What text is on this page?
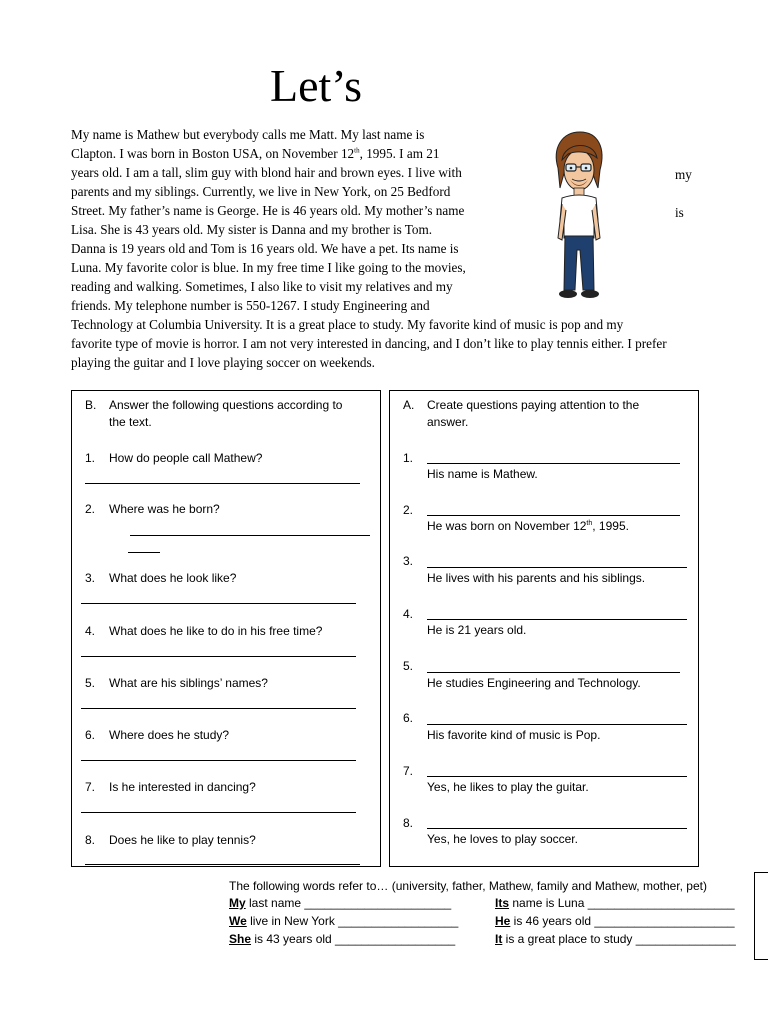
Let’s
My name is Mathew but everybody calls me Matt. My last name is
Clapton. I was born in Boston USA, on November 12th, 1995. I am 21
years old. I am a tall, slim guy with blond hair and brown eyes. I live with
parents and my siblings. Currently, we live in New York, on 25 Bedford
Street. My father’s name is George. He is 46 years old. My mother’s name
Lisa. She is 43 years old. My sister is Danna and my brother is Tom.
Danna is 19 years old and Tom is 16 years old. We have a pet. Its name is
Luna. My favorite color is blue. In my free time I like going to the movies,
reading and walking. Sometimes, I also like to visit my relatives and my
friends. My telephone number is 550-1267. I study Engineering and
Technology at Columbia University. It is a great place to study. My favorite kind of music is pop and my
favorite type of movie is horror. I am not very interested in dancing, and I don’t like to play tennis either. I prefer
playing the guitar and I love playing soccer on weekends.
my
is
B. Answer the following questions according to
the text.
1. How do people call Mathew?
2. Where was he born?
3. What does he look like?
4. What does he like to do in his free time?
5. What are his siblings’ names?
6. Where does he study?
7. Is he interested in dancing?
8. Does he like to play tennis?
A. Create questions paying attention to the
answer.
1.
His name is Mathew.
2.
He was born on November 12th, 1995.
3.
He lives with his parents and his siblings.
4.
He is 21 years old.
5.
He studies Engineering and Technology.
6.
His favorite kind of music is Pop.
7.
Yes, he likes to play the guitar.
8.
Yes, he loves to play soccer.
The following words refer to… (university, father, Mathew, family and Mathew, mother, pet)
My last name ______________________	Its name is Luna ______________________
We live in New York __________________	He is 46 years old _____________________
She is 43 years old __________________	It is a great place to study _______________
